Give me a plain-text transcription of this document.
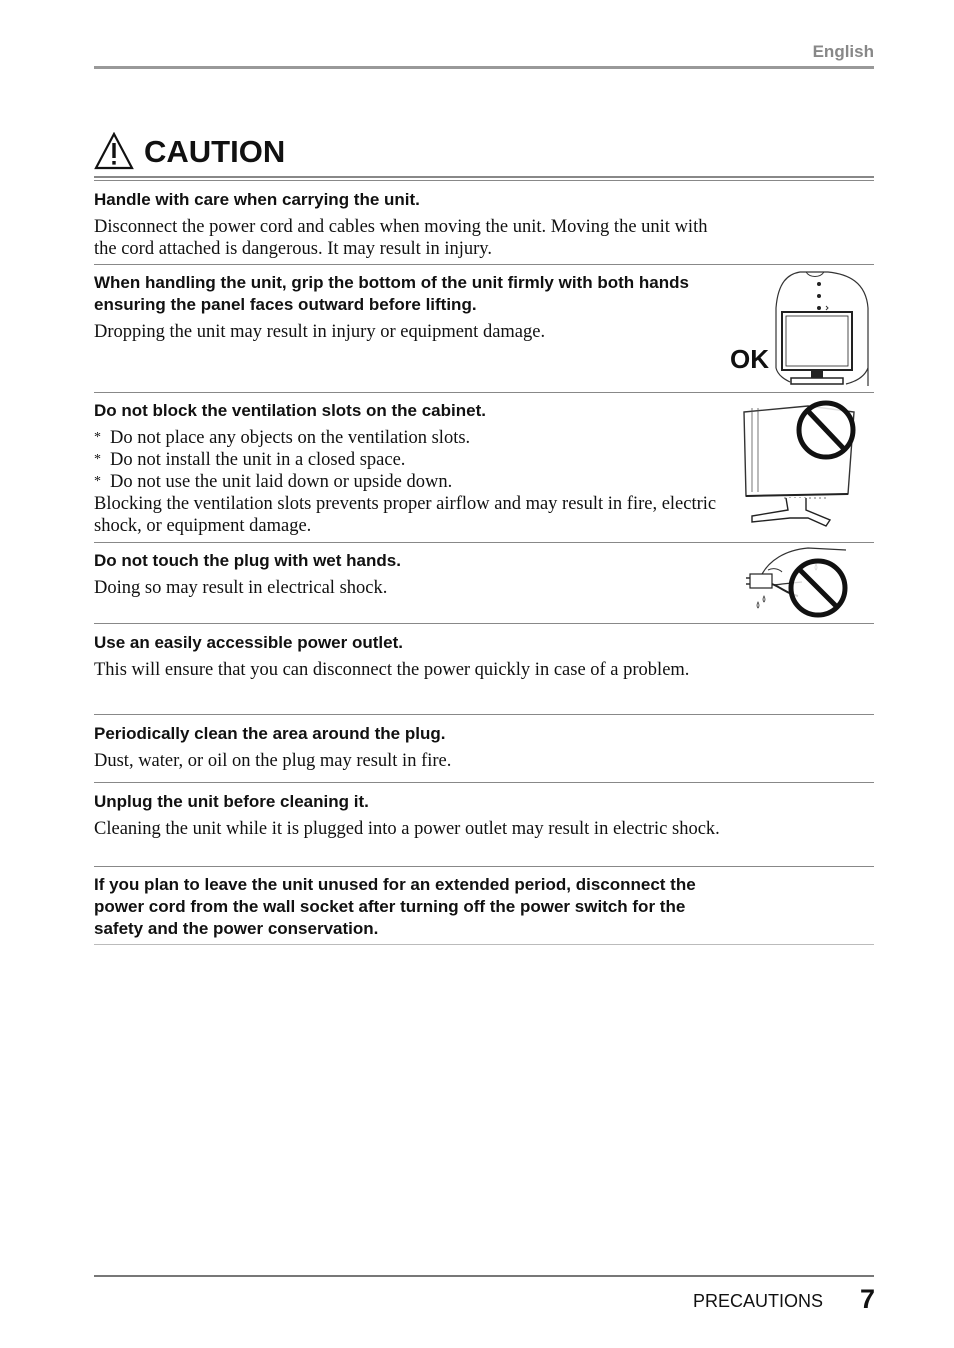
English
CAUTION
Handle with care when carrying the unit.
Disconnect the power cord and cables when moving the unit. Moving the unit with the cord attached is dangerous. It may result in injury.
When handling the unit, grip the bottom of the unit firmly with both hands ensuring the panel faces outward before lifting.
Dropping the unit may result in injury or equipment damage.
OK
Do not block the ventilation slots on the cabinet.
* Do not place any objects on the ventilation slots.
* Do not install the unit in a closed space.
* Do not use the unit laid down or upside down.
Blocking the ventilation slots prevents proper airflow and may result in fire, electric shock, or equipment damage.
Do not touch the plug with wet hands.
Doing so may result in electrical shock.
Use an easily accessible power outlet.
This will ensure that you can disconnect the power quickly in case of a problem.
Periodically clean the area around the plug.
Dust, water, or oil on the plug may result in fire.
Unplug the unit before cleaning it.
Cleaning the unit while it is plugged into a power outlet may result in electric shock.
If you plan to leave the unit unused for an extended period, disconnect the power cord from the wall socket after turning off the power switch for the safety and the power conservation.
PRECAUTIONS 7
